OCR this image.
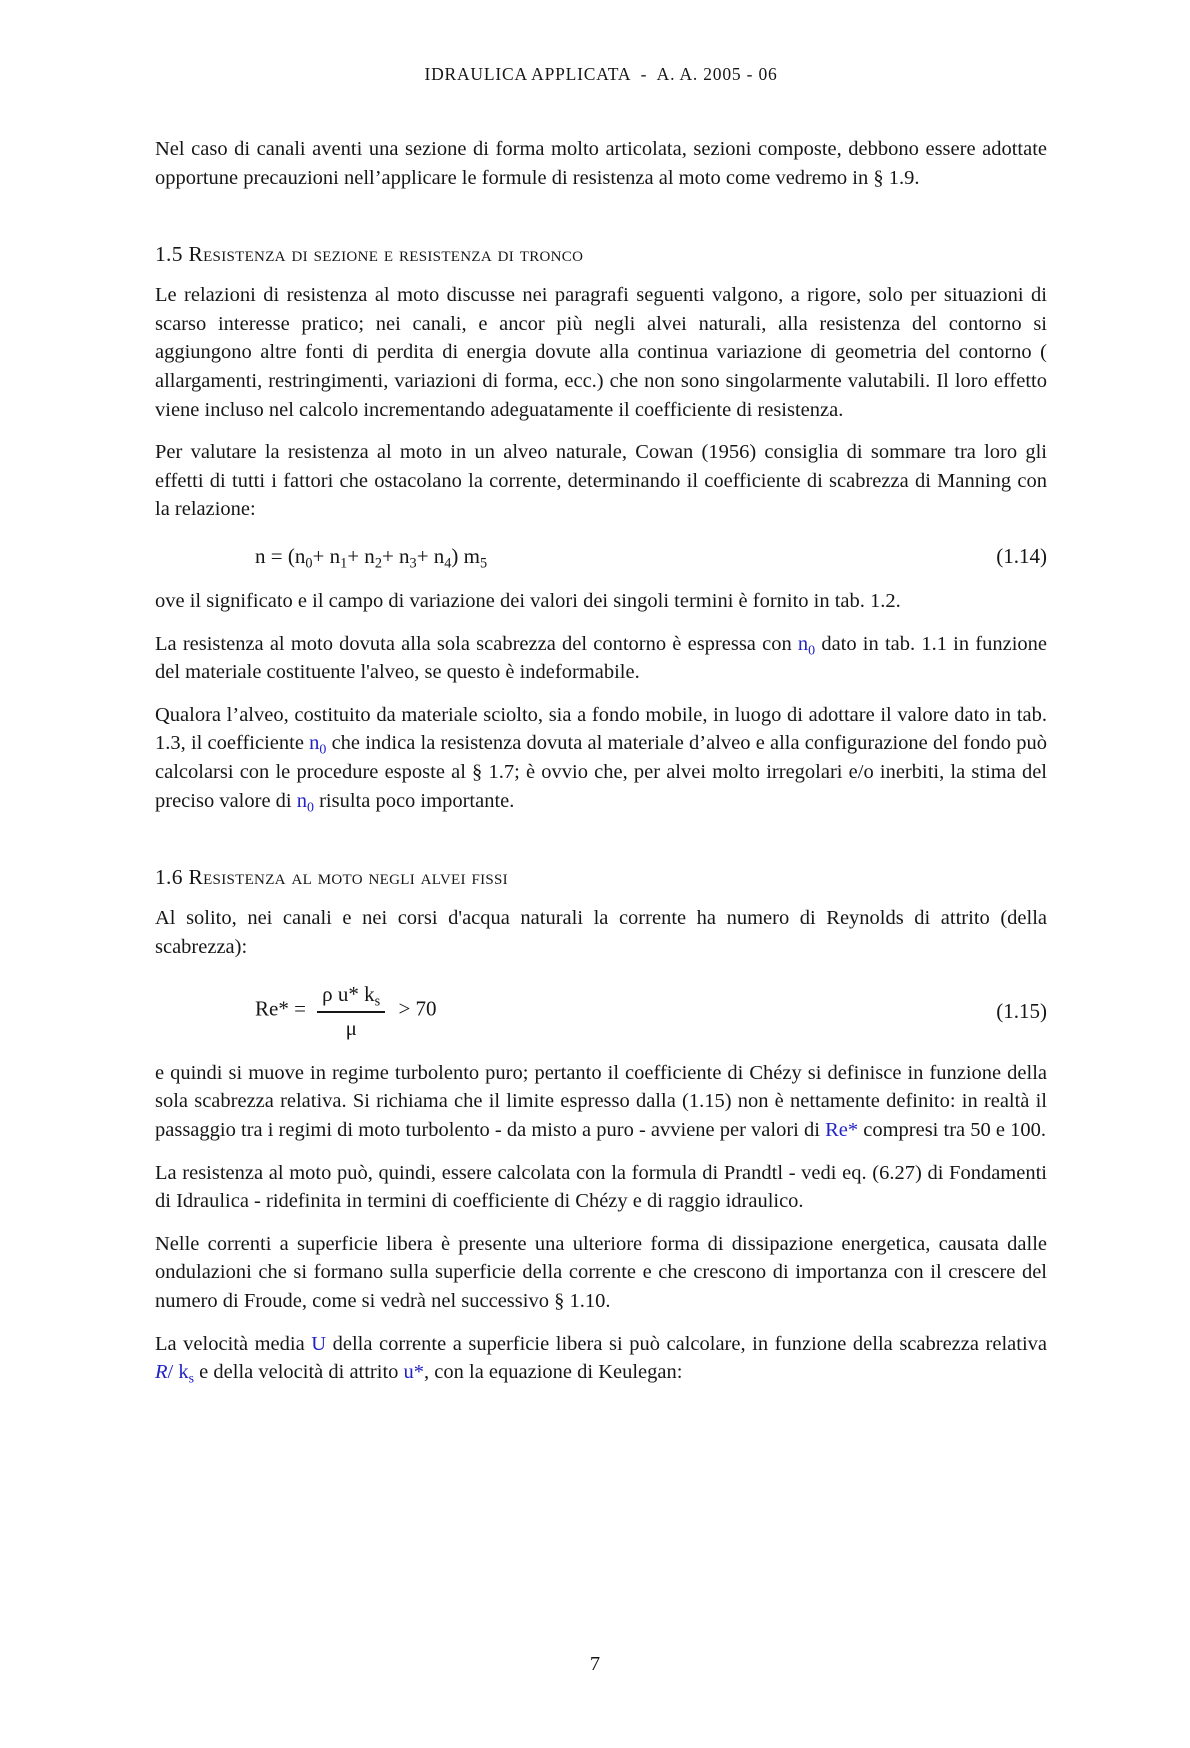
IDRAULICA APPLICATA  -  A. A. 2005 - 06

Nel caso di canali aventi una sezione di forma molto articolata, sezioni composte, debbono essere adottate opportune precauzioni nell’applicare le formule di resistenza al moto come vedremo in § 1.9.

1.5 Resistenza di sezione e resistenza di tronco

Le relazioni di resistenza al moto discusse nei paragrafi seguenti valgono, a rigore, solo per situazioni di scarso interesse pratico; nei canali, e ancor più negli alvei naturali, alla resistenza del contorno si aggiungono altre fonti di perdita di energia dovute alla continua variazione di geometria del contorno ( allargamenti, restringimenti, variazioni di forma, ecc.) che non sono singolarmente valutabili. Il loro effetto viene incluso nel calcolo incrementando adeguatamente il coefficiente di resistenza.

Per valutare la resistenza al moto in un alveo naturale, Cowan (1956) consiglia di sommare tra loro gli effetti di tutti i fattori che ostacolano la corrente, determinando il coefficiente di scabrezza di Manning con la relazione:

$n = (n_0+ n_1+ n_2+ n_3+ n_4)$ $m_5$	(1.14)

ove il significato e il campo di variazione dei valori dei singoli termini è fornito in tab. 1.2.

La resistenza al moto dovuta alla sola scabrezza del contorno è espressa con $n_0$ dato in tab. 1.1 in funzione del materiale costituente l'alveo, se questo è indeformabile.

Qualora l’alveo, costituito da materiale sciolto, sia a fondo mobile, in luogo di adottare il valore dato in tab. 1.3, il coefficiente $n_0$ che indica la resistenza dovuta al materiale d’alveo e alla configurazione del fondo può calcolarsi con le procedure esposte al § 1.7; è ovvio che, per alvei molto irregolari e/o inerbiti, la stima del preciso valore di $n_0$ risulta poco importante.

1.6 Resistenza al moto negli alvei fissi

Al solito, nei canali e nei corsi d'acqua naturali la corrente ha numero di Reynolds di attrito (della scabrezza):

$Re* = \frac{\rho u* k_s}{\mu} > 70$	(1.15)

e quindi si muove in regime turbolento puro; pertanto il coefficiente di Chézy si definisce in funzione della sola scabrezza relativa. Si richiama che il limite espresso dalla (1.15) non è nettamente definito: in realtà il passaggio tra i regimi di moto turbolento - da misto a puro - avviene per valori di Re* compresi tra 50 e 100.

La resistenza al moto può, quindi, essere calcolata con la formula di Prandtl - vedi eq. (6.27) di Fondamenti di Idraulica - ridefinita in termini di coefficiente di Chézy e di raggio idraulico.

Nelle correnti a superficie libera è presente una ulteriore forma di dissipazione energetica, causata dalle ondulazioni che si formano sulla superficie della corrente e che crescono di importanza con il crescere del numero di Froude, come si vedrà nel successivo § 1.10.

La velocità media U della corrente a superficie libera si può calcolare, in funzione della scabrezza relativa R/ $k_s$ e della velocità di attrito u*, con la equazione di Keulegan:

7
